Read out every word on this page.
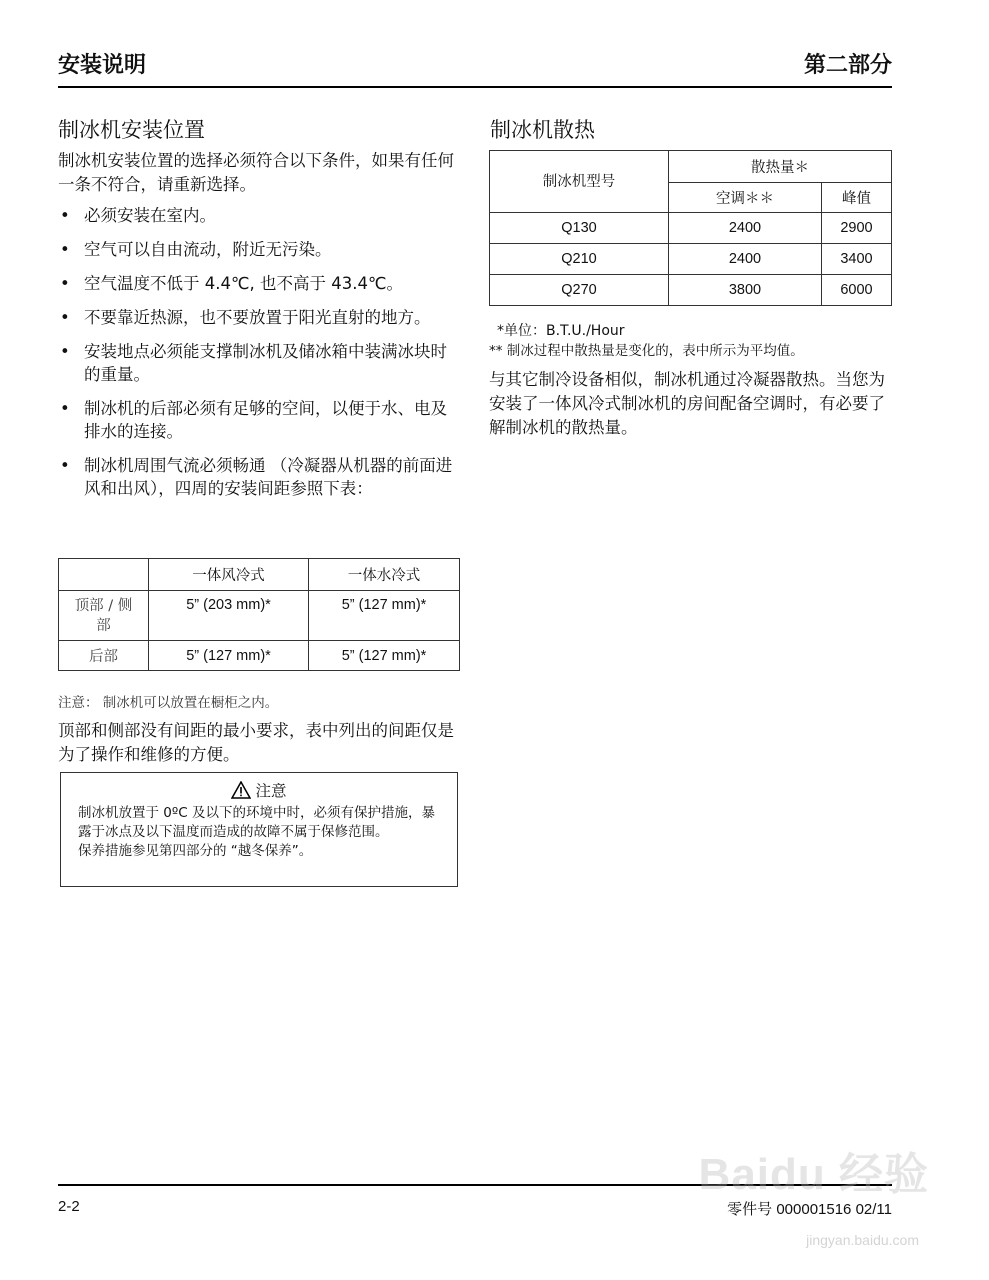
安装说明	第二部分
制冰机安装位置
制冰机安装位置的选择必须符合以下条件，如果有任何一条不符合，请重新选择。
• 必须安装在室内。
• 空气可以自由流动，附近无污染。
• 空气温度不低于 4.4℃, 也不高于 43.4℃。
• 不要靠近热源，也不要放置于阳光直射的地方。
• 安装地点必须能支撑制冰机及储冰箱中装满冰块时的重量。
• 制冰机的后部必须有足够的空间，以便于水、电及排水的连接。
• 制冰机周围气流必须畅通 （冷凝器从机器的前面进风和出风），四周的安装间距参照下表：
	一体风冷式	一体水冷式
顶部 / 侧部	5” (203 mm)*	5” (127 mm)*
后部	5” (127 mm)*	5” (127 mm)*
注意： 制冰机可以放置在橱柜之内。
顶部和侧部没有间距的最小要求，表中列出的间距仅是为了操作和维修的方便。
注意
制冰机放置于 0ºC 及以下的环境中时，必须有保护措施，暴露于冰点及以下温度而造成的故障不属于保修范围。
保养措施参见第四部分的 “越冬保养”。
制冰机散热
制冰机型号	散热量＊	
	空调＊＊	峰值
Q130	2400	2900
Q210	2400	3400
Q270	3800	6000
*单位：B.T.U./Hour
** 制冰过程中散热量是变化的，表中所示为平均值。
与其它制冷设备相似，制冰机通过冷凝器散热。当您为安装了一体风冷式制冰机的房间配备空调时，有必要了解制冰机的散热量。
2-2	零件号 000001516 02/11
Baidu 经验
jingyan.baidu.com
